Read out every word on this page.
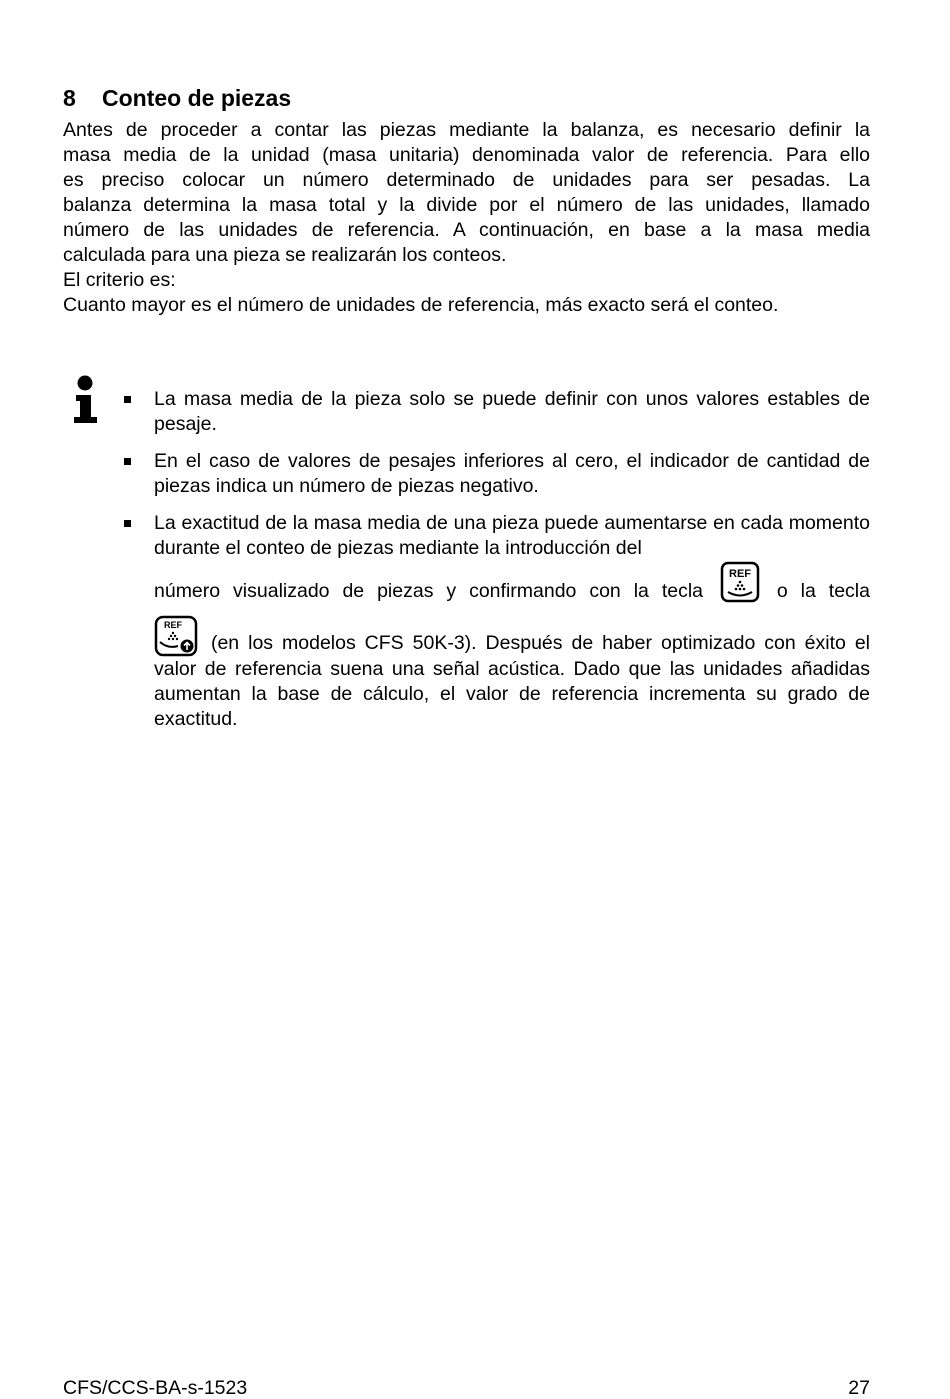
8 Conteo de piezas

Antes de proceder a contar las piezas mediante la balanza, es necesario definir la
masa media de la unidad (masa unitaria) denominada valor de referencia. Para ello
es preciso colocar un número determinado de unidades para ser pesadas. La
balanza determina la masa total y la divide por el número de las unidades, llamado
número de las unidades de referencia. A continuación, en base a la masa media
calculada para una pieza se realizarán los conteos.
El criterio es:
Cuanto mayor es el número de unidades de referencia, más exacto será el conteo.

La masa media de la pieza solo se puede definir con unos valores estables de pesaje.
En el caso de valores de pesajes inferiores al cero, el indicador de cantidad de piezas indica un número de piezas negativo.
La exactitud de la masa media de una pieza puede aumentarse en cada momento durante el conteo de piezas mediante la introducción del
número visualizado de piezas y confirmando con la tecla
REF
o la tecla
REF
(en los modelos CFS 50K-3). Después de haber optimizado con éxito el valor de referencia suena una señal acústica. Dado que las unidades añadidas aumentan la base de cálculo, el valor de referencia incrementa su grado de exactitud.
CFS/CCS-BA-s-1523	27
